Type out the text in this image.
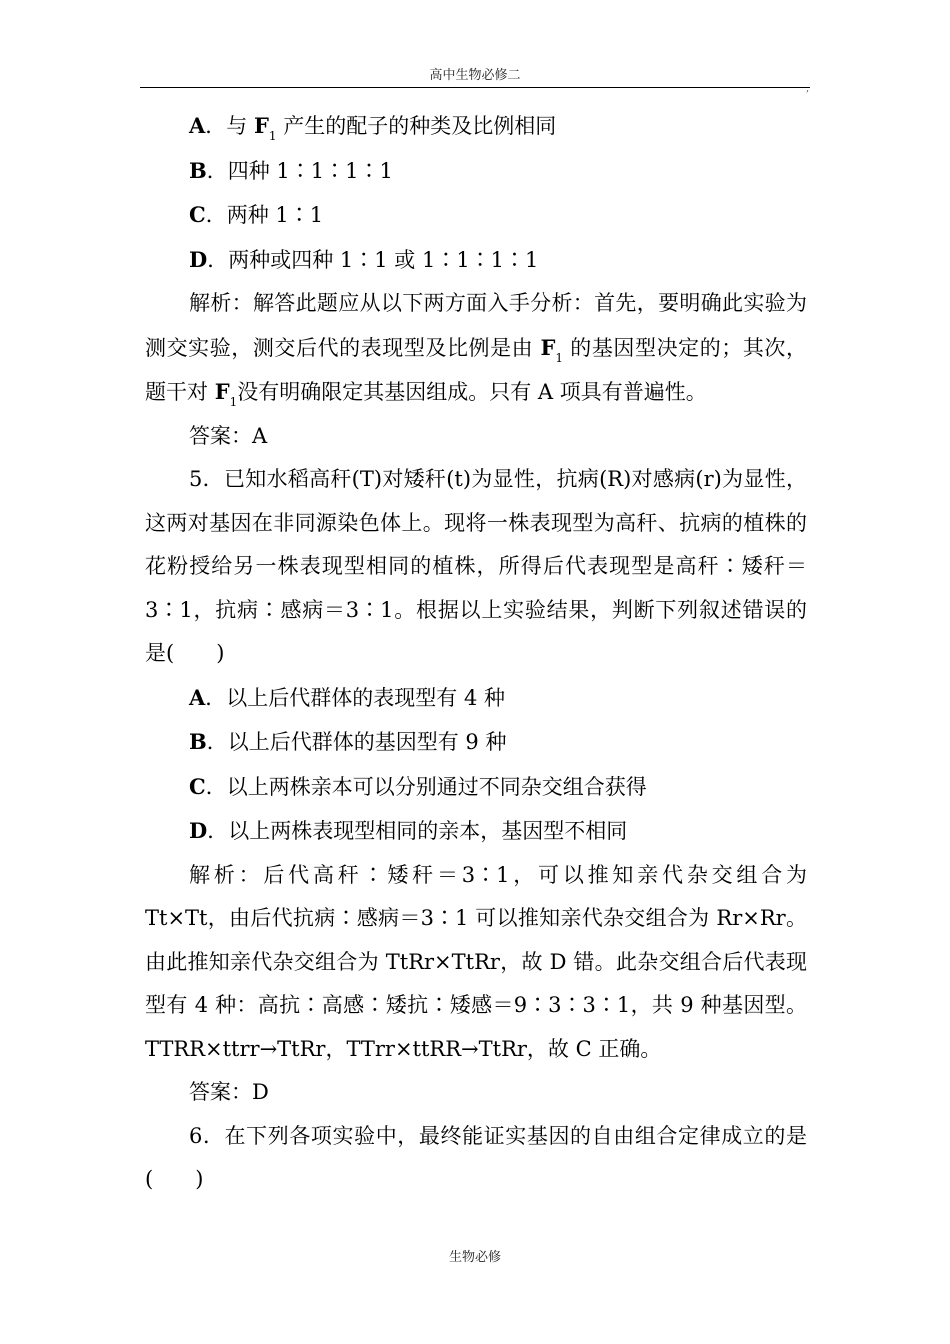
高中生物必修二
,

A．与 $F_1$ 产生的配子的种类及比例相同

B．四种 1∶1∶1∶1

C．两种 1∶1

D．两种或四种 1∶1 或 1∶1∶1∶1

解析：解答此题应从以下两方面入手分析：首先，要明确此实验为测交实验，测交后代的表现型及比例是由 $F_1$ 的基因型决定的；其次，题干对 $F_1$没有明确限定其基因组成。只有 A 项具有普遍性。

答案：A

5．已知水稻高秆(T)对矮秆(t)为显性，抗病(R)对感病(r)为显性，这两对基因在非同源染色体上。现将一株表现型为高秆、抗病的植株的花粉授给另一株表现型相同的植株，所得后代表现型是高秆∶矮秆＝3∶1，抗病∶感病＝3∶1。根据以上实验结果，判断下列叙述错误的是(　　)

A．以上后代群体的表现型有 4 种

B．以上后代群体的基因型有 9 种

C．以上两株亲本可以分别通过不同杂交组合获得

D．以上两株表现型相同的亲本，基因型不相同

解析：后代高秆∶矮秆＝3∶1，可以推知亲代杂交组合为 Tt×Tt，由后代抗病∶感病＝3∶1 可以推知亲代杂交组合为 Rr×Rr。由此推知亲代杂交组合为 TtRr×TtRr，故 D 错。此杂交组合后代表现型有 4 种：高抗∶高感∶矮抗∶矮感＝9∶3∶3∶1，共 9 种基因型。TTRR×ttrr→TtRr，TTrr×ttRR→TtRr，故 C 正确。

答案：D

6．在下列各项实验中，最终能证实基因的自由组合定律成立的是(　　)

生物必修
